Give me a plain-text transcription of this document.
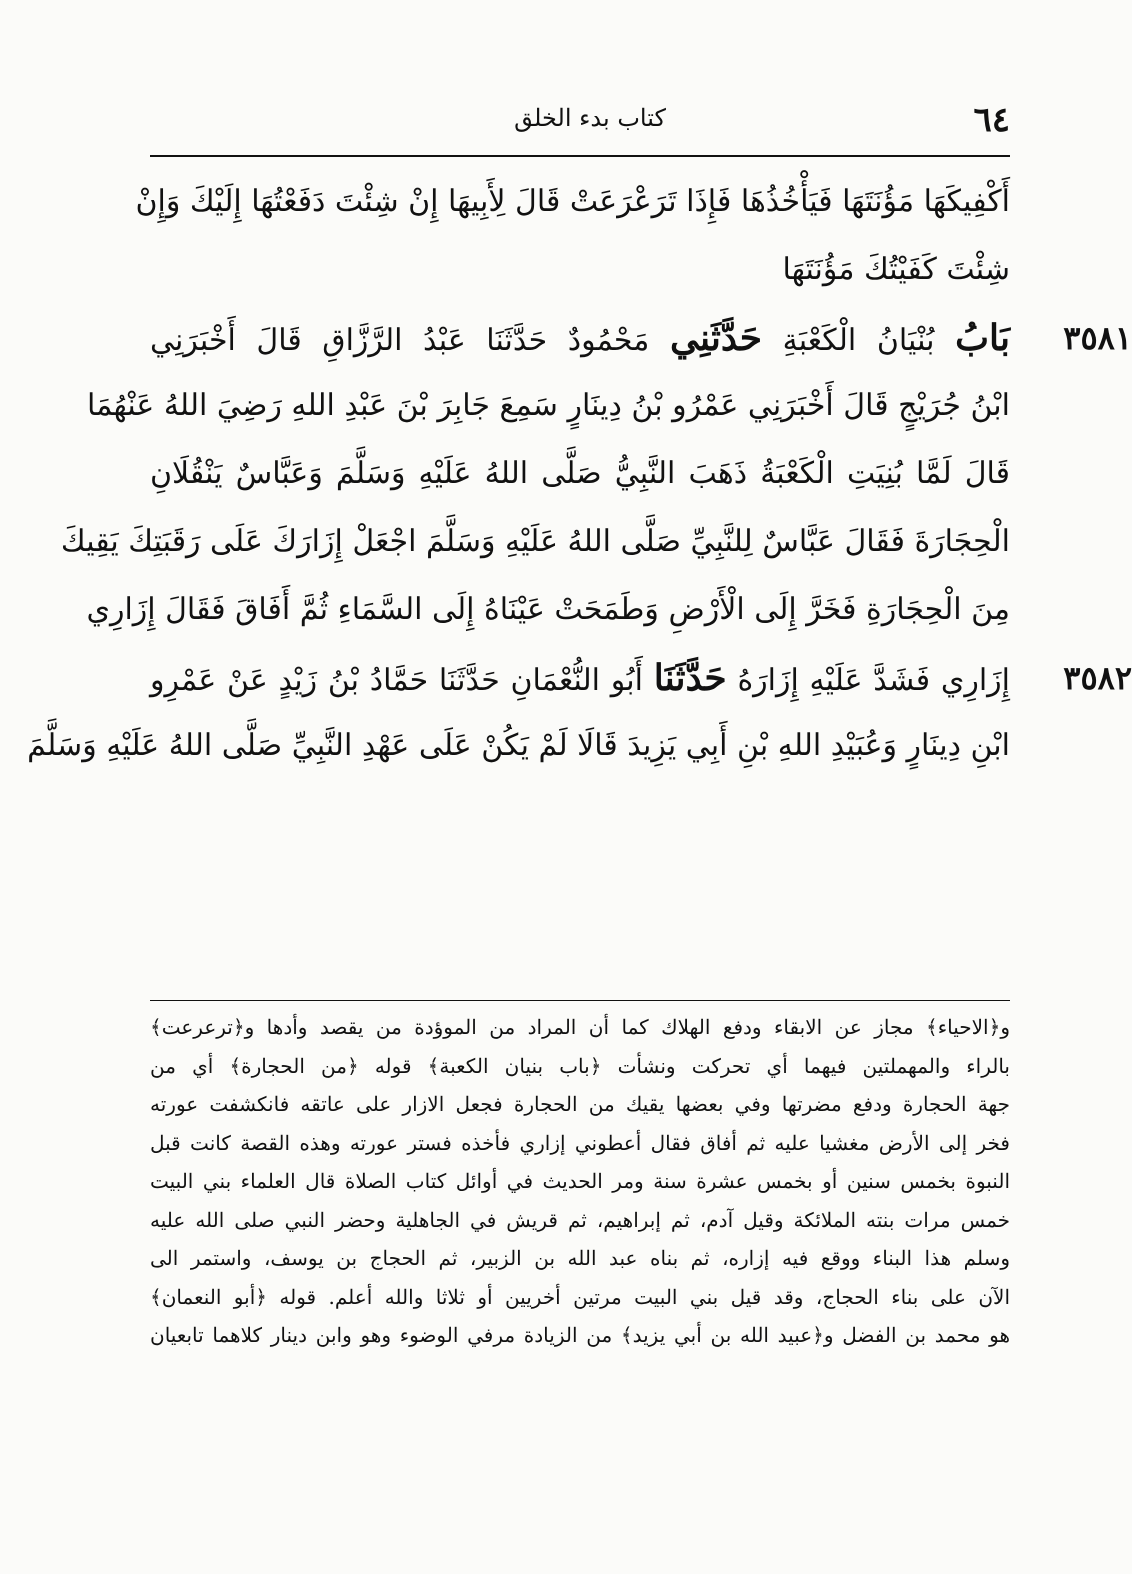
كتاب بدء الخلق	٦٤
أَكْفِيكَهَا مَؤُنَتَهَا فَيَأْخُذُهَا فَإِذَا تَرَعْرَعَتْ قَالَ لِأَبِيهَا إِنْ شِئْتَ دَفَعْتُهَا إِلَيْكَ وَإِنْ
شِئْتَ كَفَيْتُكَ مَؤُنَتَهَا
٣٥٨١
بَابُ بُنْيَانُ الْكَعْبَةِ حَدَّثَنِي مَحْمُودٌ حَدَّثَنَا عَبْدُ الرَّزَّاقِ قَالَ أَخْبَرَنِي
ابْنُ جُرَيْجٍ قَالَ أَخْبَرَنِي عَمْرُو بْنُ دِينَارٍ سَمِعَ جَابِرَ بْنَ عَبْدِ اللهِ رَضِيَ اللهُ عَنْهُمَا
قَالَ لَمَّا بُنِيَتِ الْكَعْبَةُ ذَهَبَ النَّبِيُّ صَلَّى اللهُ عَلَيْهِ وَسَلَّمَ وَعَبَّاسٌ يَنْقُلَانِ
الْحِجَارَةَ فَقَالَ عَبَّاسٌ لِلنَّبِيِّ صَلَّى اللهُ عَلَيْهِ وَسَلَّمَ اجْعَلْ إِزَارَكَ عَلَى رَقَبَتِكَ يَقِيكَ
مِنَ الْحِجَارَةِ فَخَرَّ إِلَى الْأَرْضِ وَطَمَحَتْ عَيْنَاهُ إِلَى السَّمَاءِ ثُمَّ أَفَاقَ فَقَالَ إِزَارِي
٣٥٨٢
إِزَارِي فَشَدَّ عَلَيْهِ إِزَارَهُ حَدَّثَنَا أَبُو النُّعْمَانِ حَدَّثَنَا حَمَّادُ بْنُ زَيْدٍ عَنْ عَمْرِو
ابْنِ دِينَارٍ وَعُبَيْدِ اللهِ بْنِ أَبِي يَزِيدَ قَالَا لَمْ يَكُنْ عَلَى عَهْدِ النَّبِيِّ صَلَّى اللهُ عَلَيْهِ وَسَلَّمَ
و﴿الاحياء﴾ مجاز عن الابقاء ودفع الهلاك كما أن المراد من الموؤدة من يقصد وأدها و﴿ترعرعت﴾
بالراء والمهملتين فيهما أي تحركت ونشأت ﴿باب بنيان الكعبة﴾ قوله ﴿من الحجارة﴾ أي من
جهة الحجارة ودفع مضرتها وفي بعضها يقيك من الحجارة فجعل الازار على عاتقه فانكشفت عورته
فخر إلى الأرض مغشيا عليه ثم أفاق فقال أعطوني إزاري فأخذه فستر عورته وهذه القصة كانت قبل
النبوة بخمس سنين أو بخمس عشرة سنة ومر الحديث في أوائل كتاب الصلاة قال العلماء بني البيت
خمس مرات بنته الملائكة وقيل آدم، ثم إبراهيم، ثم قريش في الجاهلية وحضر النبي صلى الله عليه
وسلم هذا البناء ووقع فيه إزاره، ثم بناه عبد الله بن الزبير، ثم الحجاج بن يوسف، واستمر الى
الآن على بناء الحجاج، وقد قيل بني البيت مرتين أخريين أو ثلاثا والله أعلم. قوله ﴿أبو النعمان﴾
هو محمد بن الفضل و﴿عبيد الله بن أبي يزيد﴾ من الزيادة مرفي الوضوء وهو وابن دينار كلاهما تابعيان
